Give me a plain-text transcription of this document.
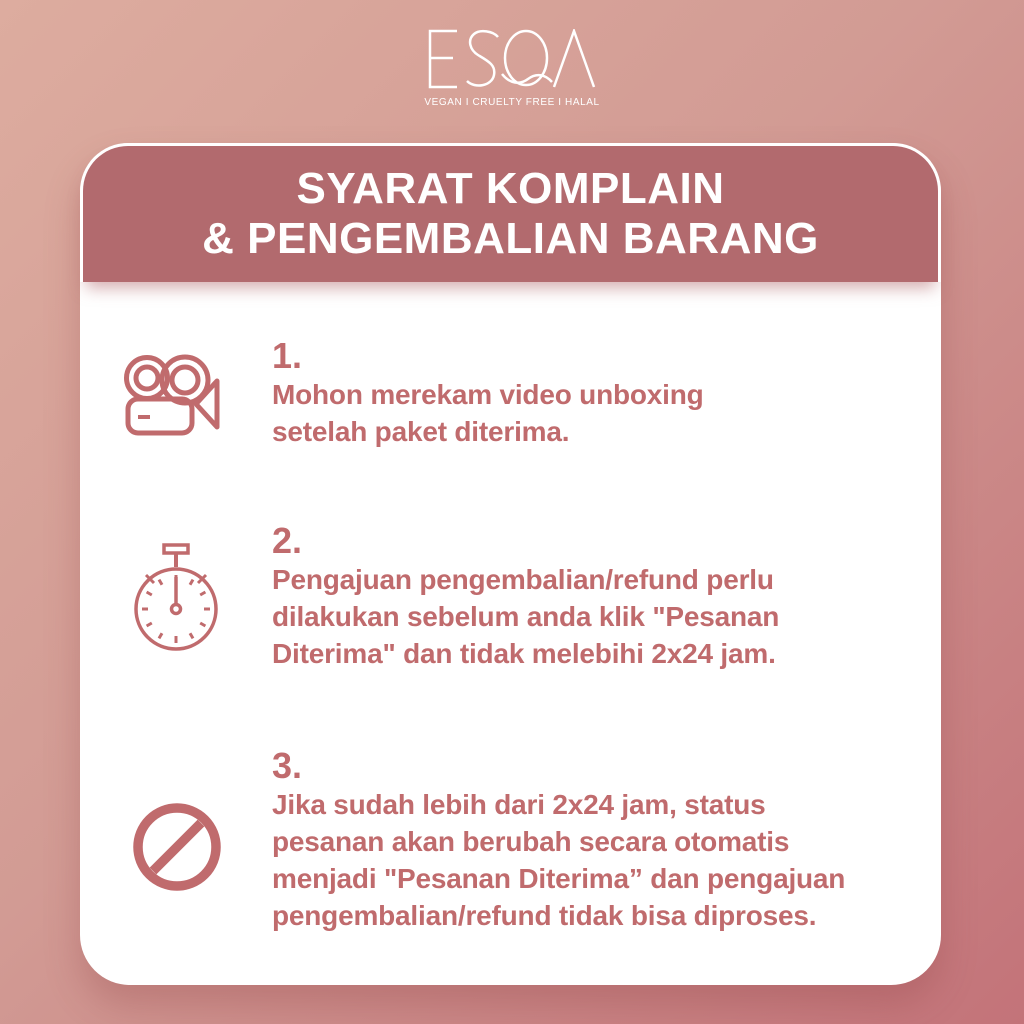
VEGAN I CRUELTY FREE I HALAL
SYARAT KOMPLAIN
& PENGEMBALIAN BARANG
1.
Mohon merekam video unboxing
setelah paket diterima.
2.
Pengajuan pengembalian/refund perlu
dilakukan sebelum anda klik "Pesanan
Diterima" dan tidak melebihi 2x24 jam.
3.
Jika sudah lebih dari 2x24 jam, status
pesanan akan berubah secara otomatis
menjadi "Pesanan Diterima” dan pengajuan
pengembalian/refund tidak bisa diproses.
